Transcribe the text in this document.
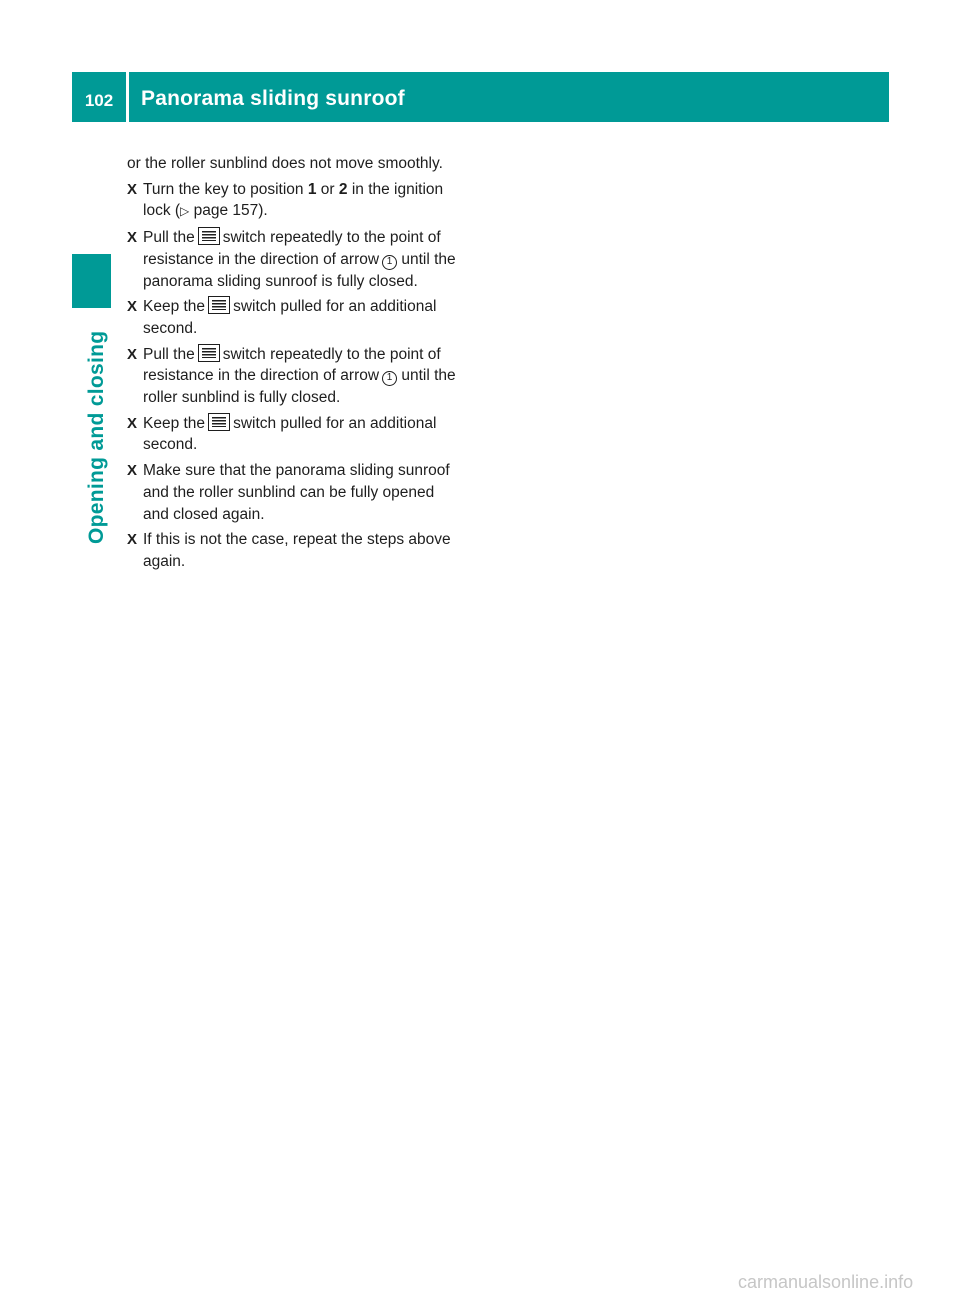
102	Panorama sliding sunroof
Opening and closing

or the roller sunblind does not move smoothly.

X Turn the key to position 1 or 2 in the ignition lock (▷ page 157).
X Pull the switch repeatedly to the point of resistance in the direction of arrow 1 until the panorama sliding sunroof is fully closed.
X Keep the switch pulled for an additional second.
X Pull the switch repeatedly to the point of resistance in the direction of arrow 1 until the roller sunblind is fully closed.
X Keep the switch pulled for an additional second.
X Make sure that the panorama sliding sunroof and the roller sunblind can be fully opened and closed again.
X If this is not the case, repeat the steps above again.
carmanualsonline.info
